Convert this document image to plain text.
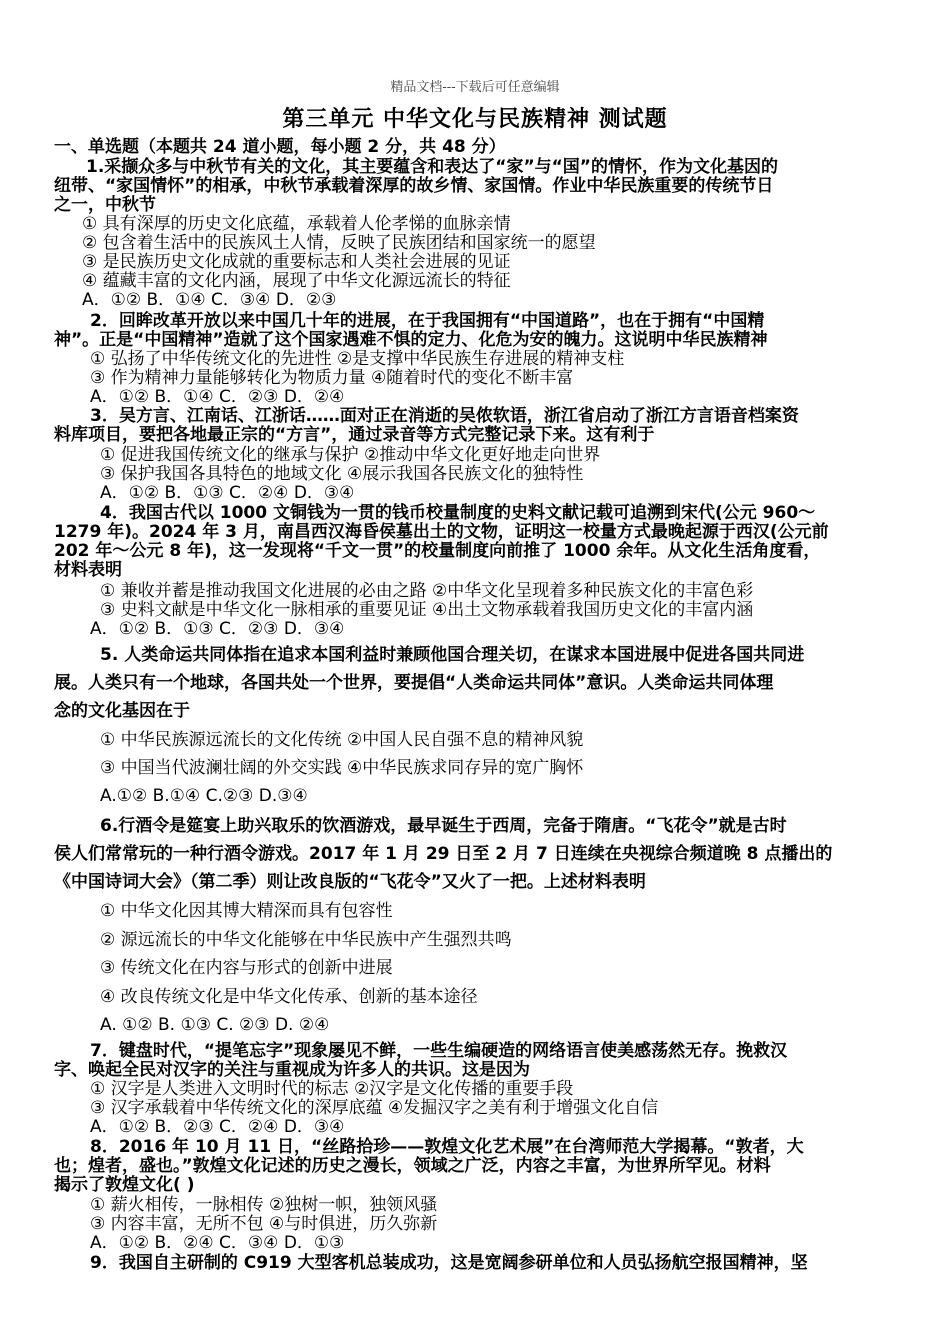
精品文档---下载后可任意编辑
第三单元 中华文化与民族精神 测试题
一、单选题（本题共 24 道小题，每小题 2 分，共 48 分）
1.采撷众多与中秋节有关的文化，其主要蕴含和表达了“家”与“国”的情怀，作为文化基因的
纽带、“家国情怀”的相承，中秋节承载着深厚的故乡情、家国情。作业中华民族重要的传统节日
之一，中秋节
① 具有深厚的历史文化底蕴，承载着人伦孝悌的血脉亲情
② 包含着生活中的民族风土人情，反映了民族团结和国家统一的愿望
③ 是民族历史文化成就的重要标志和人类社会进展的见证
④ 蕴藏丰富的文化内涵，展现了中华文化源远流长的特征
A．①② B．①④ C．③④ D．②③
2．回眸改革开放以来中国几十年的进展，在于我国拥有“中国道路”，也在于拥有“中国精
神”。正是“中国精神”造就了这个国家遇难不惧的定力、化危为安的魄力。这说明中华民族精神
① 弘扬了中华传统文化的先进性 ②是支撑中华民族生存进展的精神支柱
③ 作为精神力量能够转化为物质力量 ④随着时代的变化不断丰富
A．①② B．①④ C．②③ D．②④
3．吴方言、江南话、江浙话……面对正在消逝的吴侬软语，浙江省启动了浙江方言语音档案资
料库项目，要把各地最正宗的“方言”，通过录音等方式完整记录下来。这有利于
① 促进我国传统文化的继承与保护 ②推动中华文化更好地走向世界
③ 保护我国各具特色的地域文化 ④展示我国各民族文化的独特性
A．①② B．①③ C．②④ D．③④
4．我国古代以 1000 文铜钱为一贯的钱币校量制度的史料文献记载可追溯到宋代(公元 960～
1279 年)。2024 年 3 月，南昌西汉海昏侯墓出土的文物，证明这一校量方式最晚起源于西汉(公元前
202 年～公元 8 年)，这一发现将“千文一贯”的校量制度向前推了 1000 余年。从文化生活角度看，
材料表明
① 兼收并蓄是推动我国文化进展的必由之路 ②中华文化呈现着多种民族文化的丰富色彩
③ 史料文献是中华文化一脉相承的重要见证 ④出土文物承载着我国历史文化的丰富内涵
A．①② B．①③ C．②③ D．③④
5. 人类命运共同体指在追求本国利益时兼顾他国合理关切，在谋求本国进展中促进各国共同进
展。人类只有一个地球，各国共处一个世界，要提倡“人类命运共同体”意识。人类命运共同体理
念的文化基因在于
① 中华民族源远流长的文化传统 ②中国人民自强不息的精神风貌
③ 中国当代波澜壮阔的外交实践 ④中华民族求同存异的宽广胸怀
A.①② B.①④ C.②③ D.③④
6.行酒令是筵宴上助兴取乐的饮酒游戏，最早诞生于西周，完备于隋唐。“飞花令”就是古时
侯人们常常玩的一种行酒令游戏。2017 年 1 月 29 日至 2 月 7 日连续在央视综合频道晚 8 点播出的
《中国诗词大会》（第二季）则让改良版的“飞花令”又火了一把。上述材料表明
① 中华文化因其博大精深而具有包容性
② 源远流长的中华文化能够在中华民族中产生强烈共鸣
③ 传统文化在内容与形式的创新中进展
④ 改良传统文化是中华文化传承、创新的基本途径
A. ①② B. ①③ C. ②③ D. ②④
7．键盘时代，“提笔忘字”现象屡见不鲜，一些生编硬造的网络语言使美感荡然无存。挽救汉
字、唤起全民对汉字的关注与重视成为许多人的共识。这是因为
① 汉字是人类进入文明时代的标志 ②汉字是文化传播的重要手段
③ 汉字承载着中华传统文化的深厚底蕴 ④发掘汉字之美有利于增强文化自信
A．①② B．②③ C．②④ D．③④
8．2016 年 10 月 11 日，“丝路拾珍——敦煌文化艺术展”在台湾师范大学揭幕。“敦者，大
也；煌者，盛也。”敦煌文化记述的历史之漫长，领域之广泛，内容之丰富，为世界所罕见。材料
揭示了敦煌文化( )
① 薪火相传，一脉相传 ②独树一帜，独领风骚
③ 内容丰富，无所不包 ④与时俱进，历久弥新
A．①② B．②④ C．③④ D．①③
9．我国自主研制的 C919 大型客机总装成功，这是宽阔参研单位和人员弘扬航空报国精神，坚
